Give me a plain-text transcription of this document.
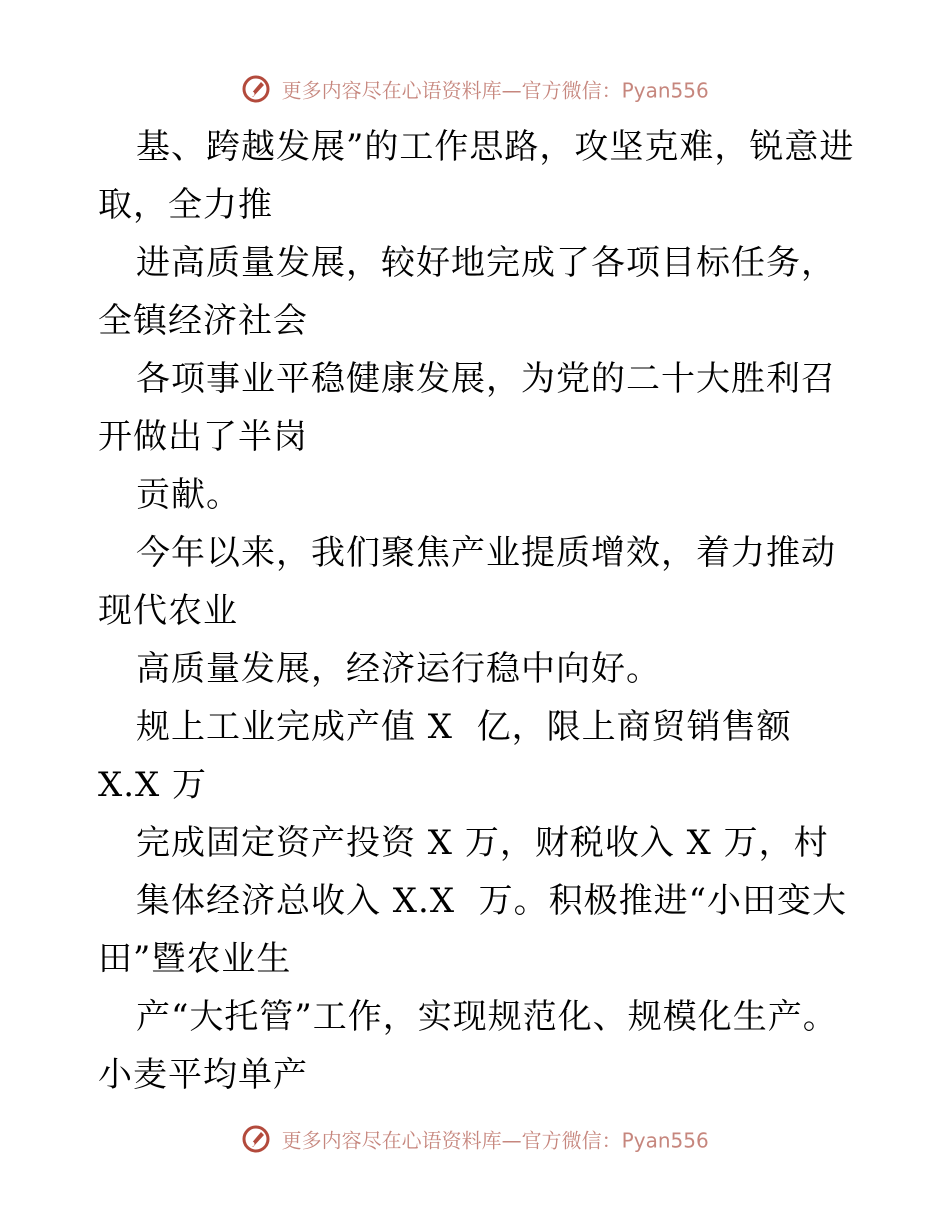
更多内容尽在心语资料库—官方微信：Pyan556

基、跨越发展”的工作思路，攻坚克难，锐意进取，全力推

进高质量发展，较好地完成了各项目标任务，全镇经济社会

各项事业平稳健康发展，为党的二十大胜利召开做出了半岗

贡献。

今年以来，我们聚焦产业提质增效，着力推动现代农业

高质量发展，经济运行稳中向好。

规上工业完成产值 X  亿，限上商贸销售额 X.X 万

完成固定资产投资 X 万，财税收入 X 万，村

集体经济总收入 X.X  万。积极推进“小田变大田”暨农业生

产“大托管”工作，实现规范化、规模化生产。小麦平均单产

更多内容尽在心语资料库—官方微信：Pyan556
